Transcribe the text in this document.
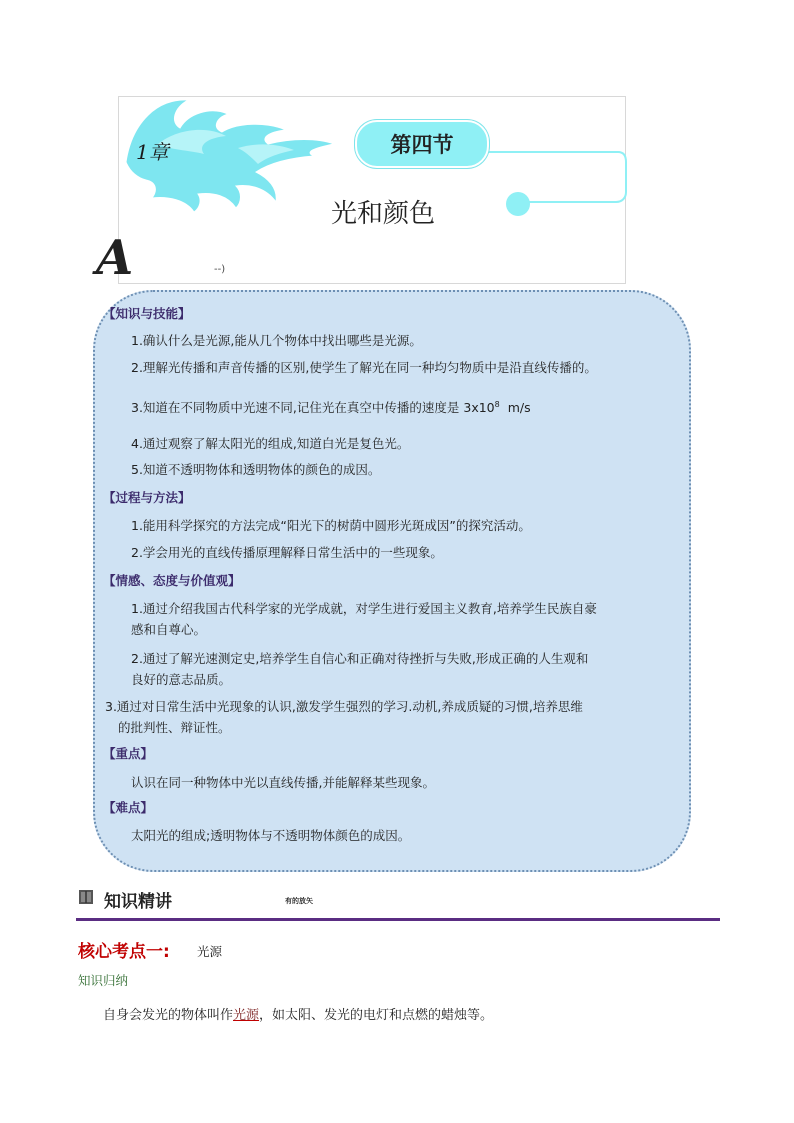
1章	第四节
光和颜色
A	--)
【知识与技能】
1.确认什么是光源,能从几个物体中找出哪些是光源。
2.理解光传播和声音传播的区别,使学生了解光在同一种均匀物质中是沿直线传播的。
3.知道在不同物质中光速不同,记住光在真空中传播的速度是 $3x10^8$ m/s
4.通过观察了解太阳光的组成,知道白光是复色光。
5.知道不透明物体和透明物体的颜色的成因。
【过程与方法】
1.能用科学探究的方法完成“阳光下的树荫中圆形光斑成因”的探究活动。
2.学会用光的直线传播原理解释日常生活中的一些现象。
【情感、态度与价值观】
1.通过介绍我国古代科学家的光学成就，对学生进行爱国主义教育,培养学生民族自豪
感和自尊心。
2.通过了解光速测定史,培养学生自信心和正确对待挫折与失败,形成正确的人生观和
良好的意志品质。
3.通过对日常生活中光现象的认识,激发学生强烈的学习.动机,养成质疑的习惯,培养思维
的批判性、辩证性。
【重点】
认识在同一种物体中光以直线传播,并能解释某些现象。
【难点】
太阳光的组成;透明物体与不透明物体颜色的成因。
知识精讲	有的放矢
核心考点一: 光源
知识归纳
自身会发光的物体叫作光源，如太阳、发光的电灯和点燃的蜡烛等。
